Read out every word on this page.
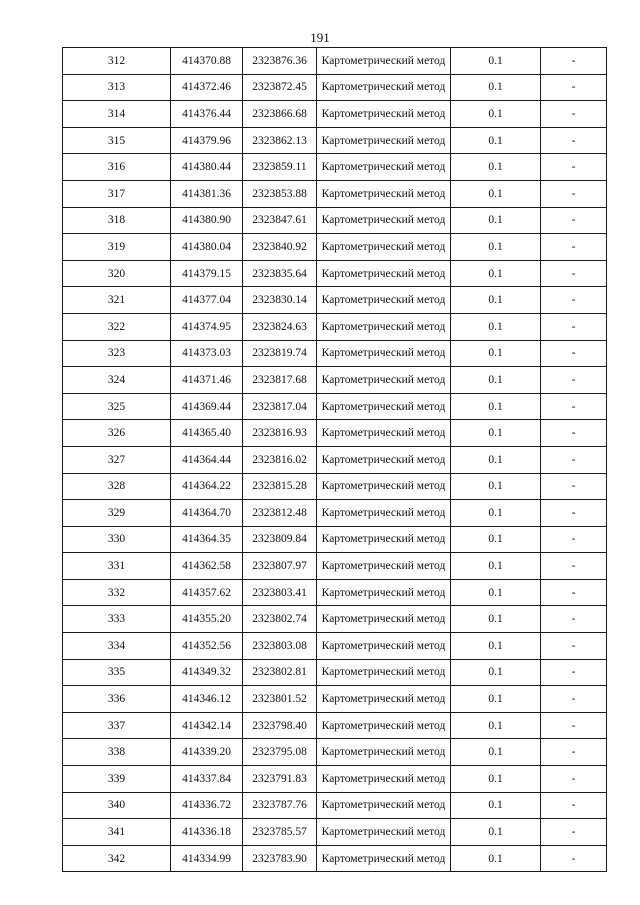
191
312	414370.88	2323876.36	Картометрический метод	0.1	-
313	414372.46	2323872.45	Картометрический метод	0.1	-
314	414376.44	2323866.68	Картометрический метод	0.1	-
315	414379.96	2323862.13	Картометрический метод	0.1	-
316	414380.44	2323859.11	Картометрический метод	0.1	-
317	414381.36	2323853.88	Картометрический метод	0.1	-
318	414380.90	2323847.61	Картометрический метод	0.1	-
319	414380.04	2323840.92	Картометрический метод	0.1	-
320	414379.15	2323835.64	Картометрический метод	0.1	-
321	414377.04	2323830.14	Картометрический метод	0.1	-
322	414374.95	2323824.63	Картометрический метод	0.1	-
323	414373.03	2323819.74	Картометрический метод	0.1	-
324	414371.46	2323817.68	Картометрический метод	0.1	-
325	414369.44	2323817.04	Картометрический метод	0.1	-
326	414365.40	2323816.93	Картометрический метод	0.1	-
327	414364.44	2323816.02	Картометрический метод	0.1	-
328	414364.22	2323815.28	Картометрический метод	0.1	-
329	414364.70	2323812.48	Картометрический метод	0.1	-
330	414364.35	2323809.84	Картометрический метод	0.1	-
331	414362.58	2323807.97	Картометрический метод	0.1	-
332	414357.62	2323803.41	Картометрический метод	0.1	-
333	414355.20	2323802.74	Картометрический метод	0.1	-
334	414352.56	2323803.08	Картометрический метод	0.1	-
335	414349.32	2323802.81	Картометрический метод	0.1	-
336	414346.12	2323801.52	Картометрический метод	0.1	-
337	414342.14	2323798.40	Картометрический метод	0.1	-
338	414339.20	2323795.08	Картометрический метод	0.1	-
339	414337.84	2323791.83	Картометрический метод	0.1	-
340	414336.72	2323787.76	Картометрический метод	0.1	-
341	414336.18	2323785.57	Картометрический метод	0.1	-
342	414334.99	2323783.90	Картометрический метод	0.1	-
